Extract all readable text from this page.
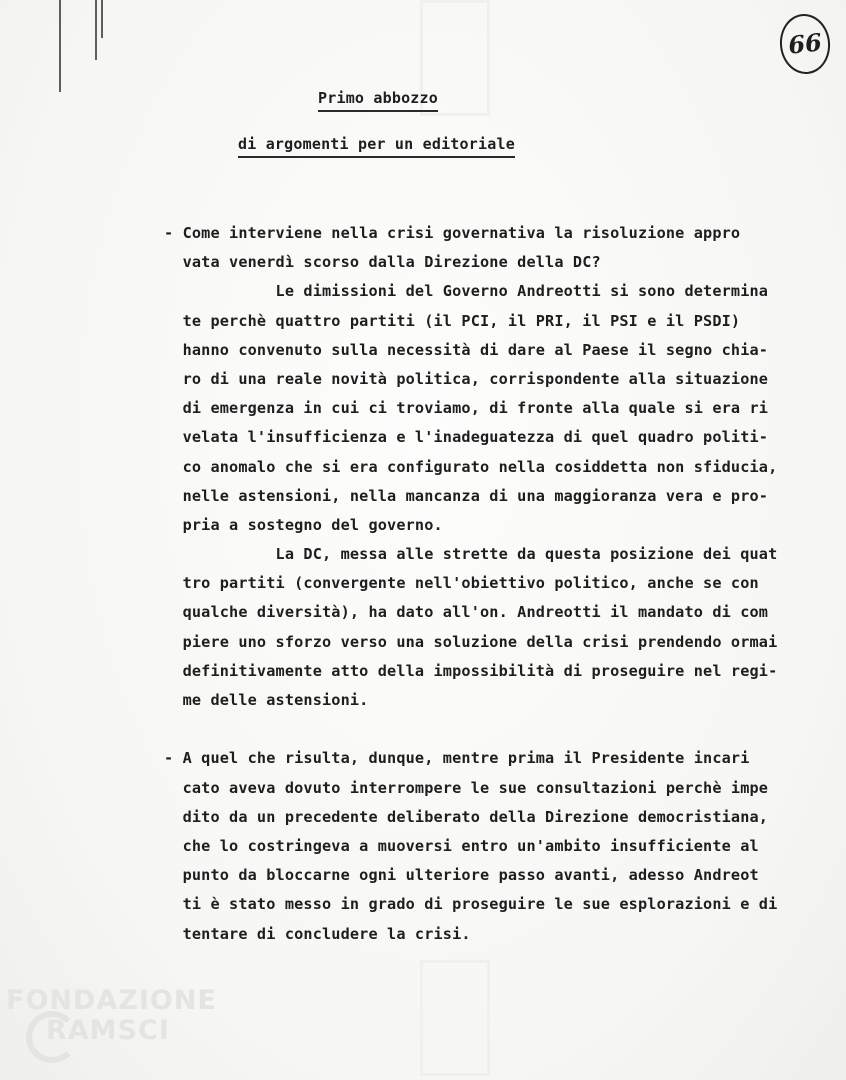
66
Primo abbozzo
di argomenti per un editoriale
- Come interviene nella crisi governativa la risoluzione appro
vata venerdì scorso dalla Direzione della DC?
Le dimissioni del Governo Andreotti si sono determina
te perchè quattro partiti (il PCI, il PRI, il PSI e il PSDI)
hanno convenuto sulla necessità di dare al Paese il segno chia-
ro di una reale novità politica, corrispondente alla situazione
di emergenza in cui ci troviamo, di fronte alla quale si era ri
velata l'insufficienza e l'inadeguatezza di quel quadro politi-
co anomalo che si era configurato nella cosiddetta non sfiducia,
nelle astensioni, nella mancanza di una maggioranza vera e pro-
pria a sostegno del governo.
La DC, messa alle strette da questa posizione dei quat
tro partiti (convergente nell'obiettivo politico, anche se con
qualche diversità), ha dato all'on. Andreotti il mandato di com
piere uno sforzo verso una soluzione della crisi prendendo ormai
definitivamente atto della impossibilità di proseguire nel regi-
me delle astensioni.
- A quel che risulta, dunque, mentre prima il Presidente incari
cato aveva dovuto interrompere le sue consultazioni perchè impe
dito da un precedente deliberato della Direzione democristiana,
che lo costringeva a muoversi entro un'ambito insufficiente al
punto da bloccarne ogni ulteriore passo avanti, adesso Andreot
ti è stato messo in grado di proseguire le sue esplorazioni e di
tentare di concludere la crisi.
FONDAZIONE
RAMSCI
